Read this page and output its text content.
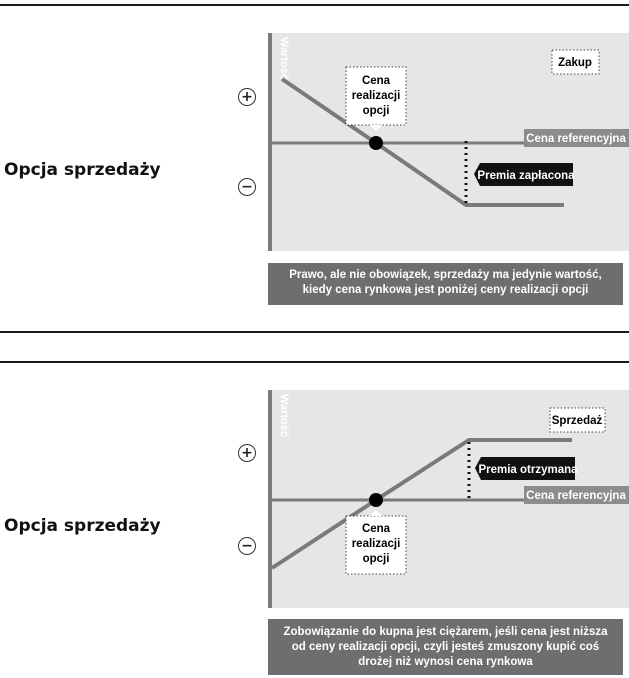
Opcja sprzedaży
+
−
Wartość
Cena referencyjna
Cena
realizacji
opcji
Zakup
Premia zapłacona
Prawo, ale nie obowiązek, sprzedaży ma jedynie wartość, kiedy cena rynkowa jest poniżej ceny realizacji opcji
Opcja sprzedaży
+
−
Wartość
Cena referencyjna
Cena
realizacji
opcji
Sprzedaż
Premia otrzymana
Zobowiązanie do kupna jest ciężarem, jeśli cena jest niższa od ceny realizacji opcji, czyli jesteś zmuszony kupić coś drożej niż wynosi cena rynkowa
